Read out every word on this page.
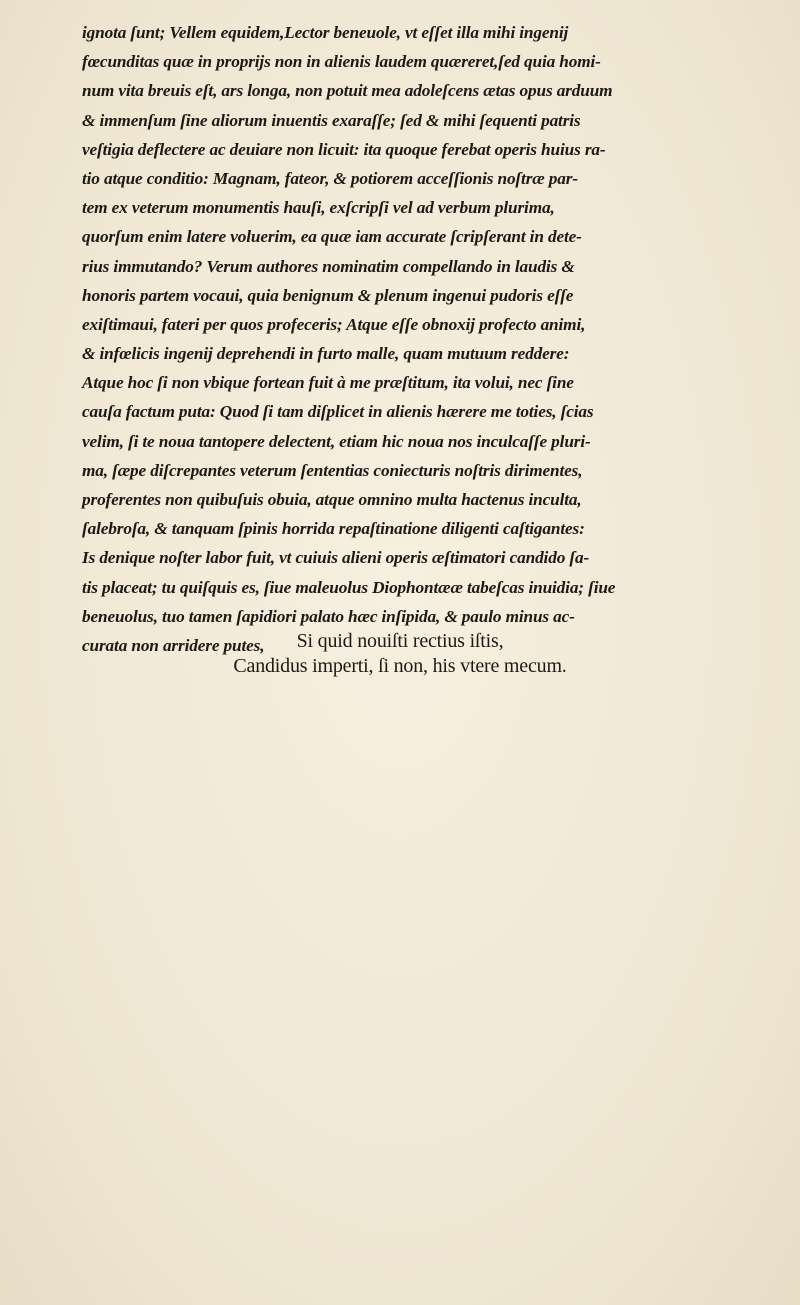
ignota ſunt; Vellem equidem,Lector beneuole, vt eſſet illa mihi ingenij
fœcunditas quæ in proprijs non in alienis laudem quæreret,ſed quia homi-
num vita breuis eſt, ars longa, non potuit mea adoleſcens ætas opus arduum
& immenſum ſine aliorum inuentis exaraſſe; ſed & mihi ſequenti patris
veſtigia deflectere ac deuiare non licuit: ita quoque ferebat operis huius ra-
tio atque conditio: Magnam, fateor, & potiorem acceſſionis noſtræ par-
tem ex veterum monumentis hauſi, exſcripſi vel ad verbum plurima,
quorſum enim latere voluerim, ea quæ iam accurate ſcripſerant in dete-
rius immutando? Verum authores nominatim compellando in laudis &
honoris partem vocaui, quia benignum & plenum ingenui pudoris eſſe
exiſtimaui, fateri per quos profeceris; Atque eſſe obnoxij profecto animi,
& infœlicis ingenij deprehendi in furto malle, quam mutuum reddere:
Atque hoc ſi non vbique fortean fuit à me præſtitum, ita volui, nec ſine
cauſa factum puta: Quod ſi tam diſplicet in alienis hærere me toties, ſcias
velim, ſi te noua tantopere delectent, etiam hic noua nos inculcaſſe pluri-
ma, ſæpe diſcrepantes veterum ſententias coniecturis noſtris dirimentes,
proferentes non quibuſuis obuia, atque omnino multa hactenus inculta,
ſalebroſa, & tanquam ſpinis horrida repaſtinatione diligenti caſtigantes:
Is denique noſter labor fuit, vt cuiuis alieni operis æſtimatori candido ſa-
tis placeat; tu quiſquis es, ſiue maleuolus Diophontææ tabeſcas inuidia; ſiue
beneuolus, tuo tamen ſapidiori palato hæc inſipida, & paulo minus ac-
curata non arridere putes,	Si quid nouiſti rectius iſtis,
Candidus imperti, ſi non, his vtere mecum.
